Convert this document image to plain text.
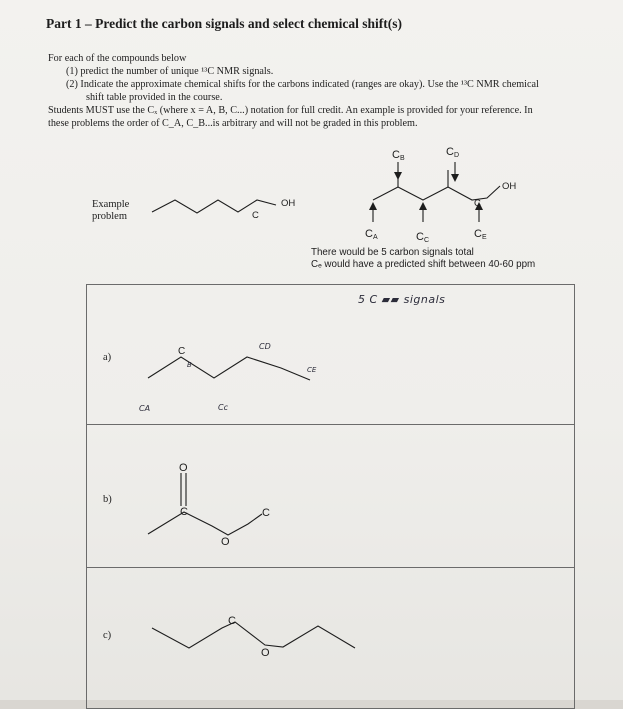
Part 1 – Predict the carbon signals and select chemical shift(s)
For each of the compounds below
(1) predict the number of unique ¹³C NMR signals.
(2) Indicate the approximate chemical shifts for the carbons indicated (ranges are okay). Use the ¹³C NMR chemical
shift table provided in the course.
Students MUST use the Cₓ (where x = A, B, C...) notation for full credit. An example is provided for your reference. In
these problems the order of C_A, C_B...is arbitrary and will not be graded in this problem.
Example
problem
There would be 5 carbon signals total
Cₑ would have a predicted shift between 40-60 ppm
5 C ▰▰ signals
a)
b)
c)
OH
C
OH
C
CB
CD
CA	CC
CE
C
B
CA	Cc
CD
CE
O
C
O
C
C
O
